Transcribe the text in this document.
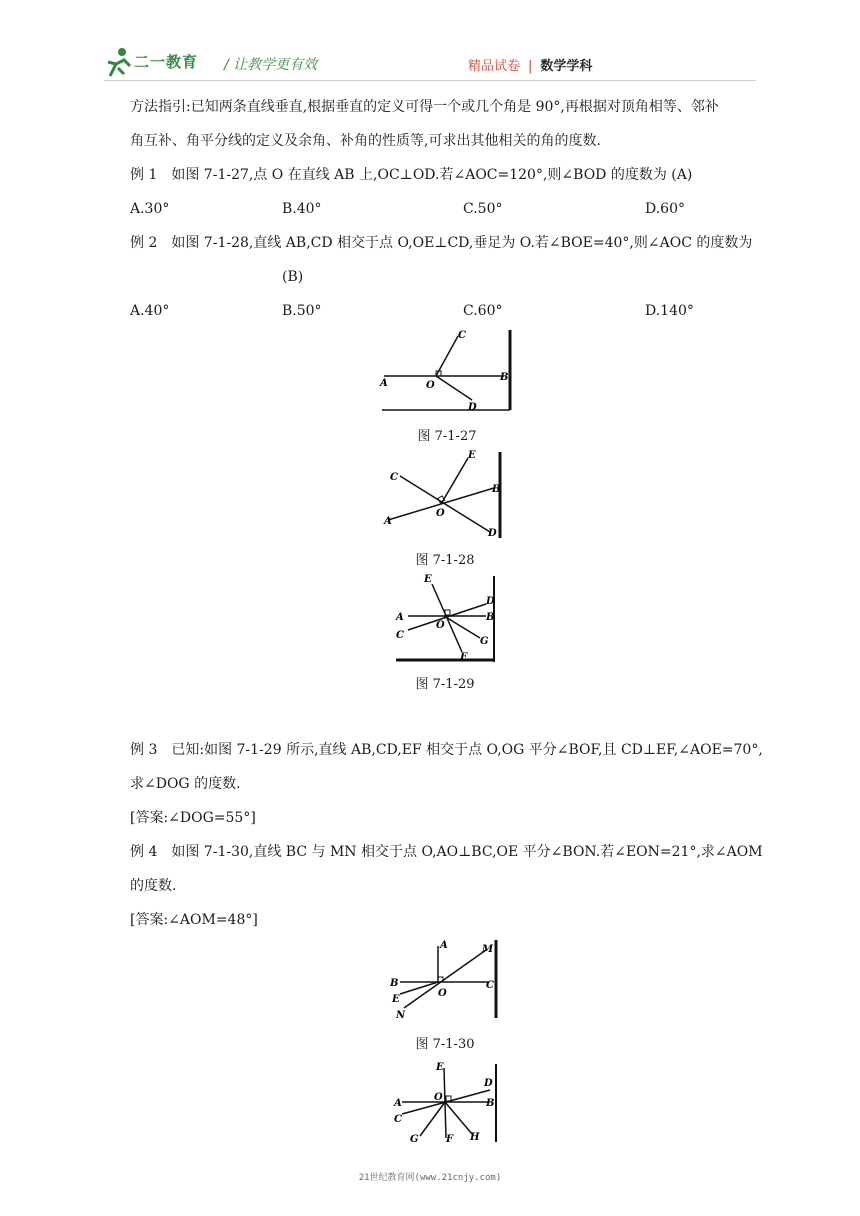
二一教育 / 让教学更有效	精品试卷 | 数学学科
方法指引:已知两条直线垂直,根据垂直的定义可得一个或几个角是 90°,再根据对顶角相等、邻补
角互补、角平分线的定义及余角、补角的性质等,可求出其他相关的角的度数.
例 1　如图 7-1-27,点 O 在直线 AB 上,OC⊥OD.若∠AOC=120°,则∠BOD 的度数为 (A)
A.30°	B.40°	C.50°	D.60°
例 2　如图 7-1-28,直线 AB,CD 相交于点 O,OE⊥CD,垂足为 O.若∠BOE=40°,则∠AOC 的度数为
(B)
A.40°	B.50°	C.60°	D.140°
C
A	O
B
D
图 7-1-27
E
C
B
O
A
D
图 7-1-28
E
D
A	B
O
C
G
F
图 7-1-29
例 3　已知:如图 7-1-29 所示,直线 AB,CD,EF 相交于点 O,OG 平分∠BOF,且 CD⊥EF,∠AOE=70°,
求∠DOG 的度数.
[答案:∠DOG=55°]
例 4　如图 7-1-30,直线 BC 与 MN 相交于点 O,AO⊥BC,OE 平分∠BON.若∠EON=21°,求∠AOM
的度数.
[答案:∠AOM=48°]
A	M
B
O
C
E
N
图 7-1-30
E
D
O
A	B
C
G	F H
21世纪教育网(www.21cnjy.com)
